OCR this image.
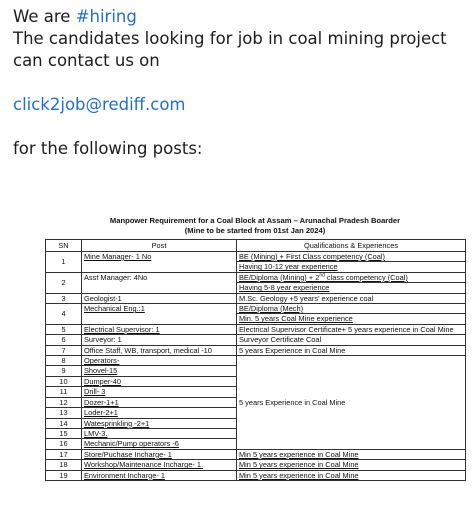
We are #hiring
The candidates looking for job in coal mining project
can contact us on
click2job@rediff.com
for the following posts:
Manpower Requirement for a Coal Block at Assam – Arunachal Pradesh Boarder
(Mine to be started from 01st Jan 2024)
SN	Post	Qualifications & Experiences
1	Mine Manager- 1 No	BE (Mining) + First Class competency (Coal)
		Having 10-12 year experience
2	Asst Manager: 4No	BE/Diploma (Mining) + 2nd class competency (Coal)
		Having 5-8 year experience
3	Geologist-1	M.Sc. Geology +5 years' experience coal
4	Mechanical Eng.:1	BE/Diploma (Mech)
		Min. 5 years Coal Mine experience
5	Electrical Supervisor: 1	Electrical Supervisor Certificate+ 5 years experience in Coal Mine
6	Surveyor: 1	Surveyor Certificate Coal
7	Office Staff, WB, transport, medical -10	5 years Experience in Coal Mine
8	Operators-	5 years Experience in Coal Mine
9	Shovel-15	
10	Dumper-40	
11	Drill- 3	
12	Dozer-1+1	
13	Loder-2+1	
14	Watesprinkling -2+1	
15	LMV-3.	
16	Mechanic/Pump operators -6	
17	Store/Puchase Incharge- 1	Min 5 years experience in Coal Mine
18	Workshop/Maintenance Incharge- 1.	Min 5 years experience in Coal Mine
19	Environment Incharge- 1	Min 5 years experience in Coal Mine
